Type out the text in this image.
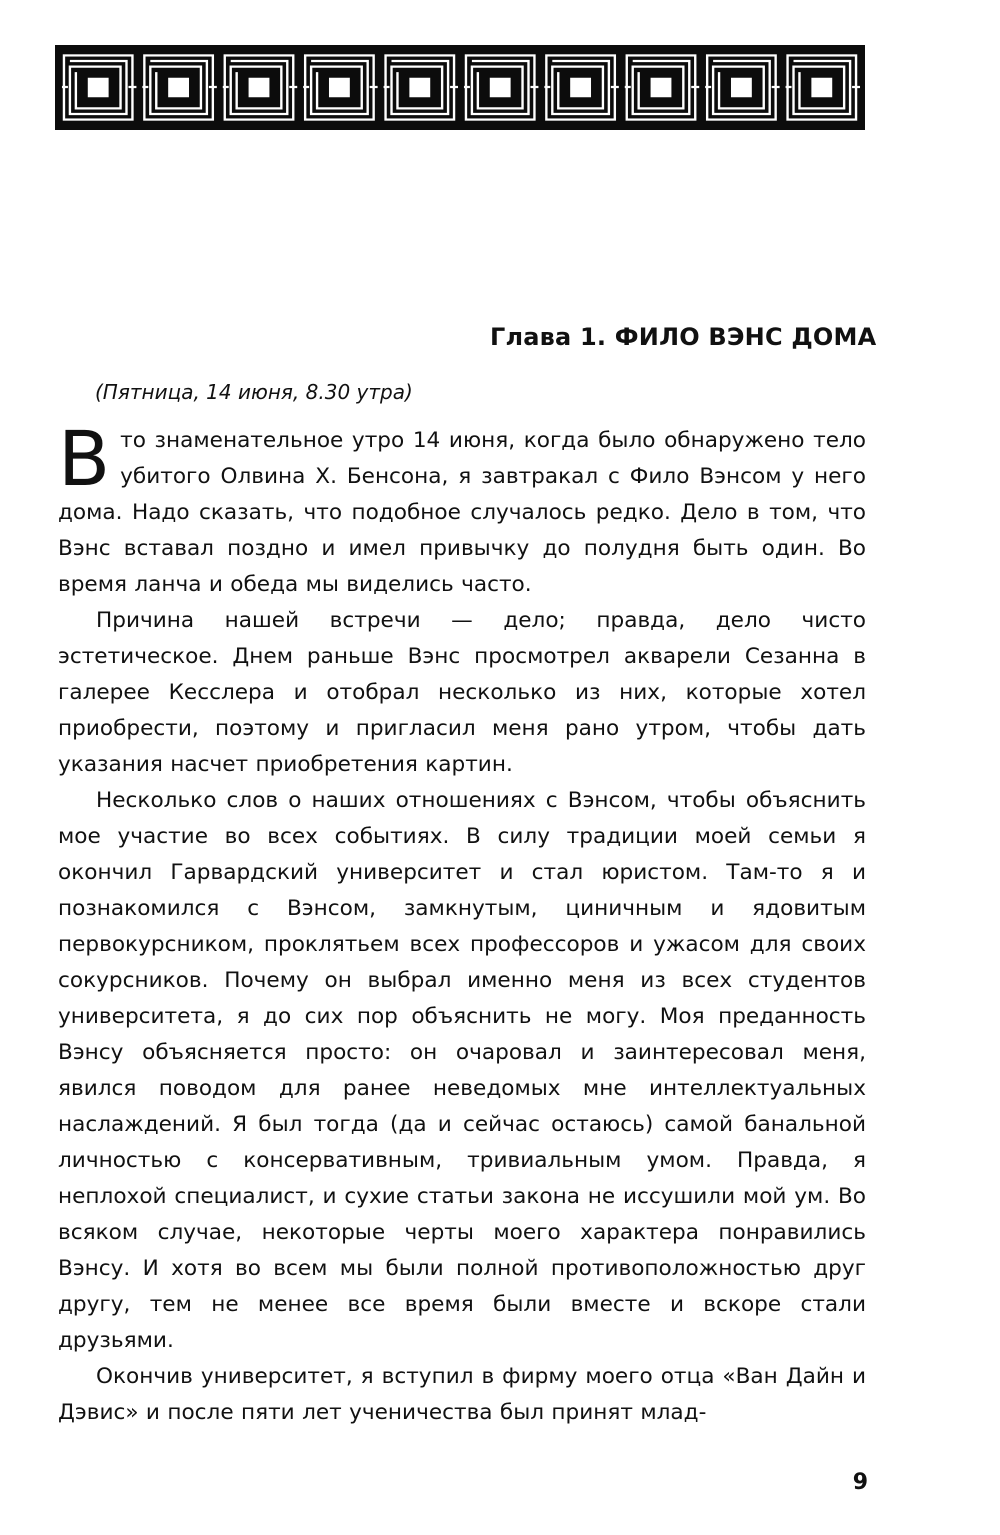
Глава 1. ФИЛО ВЭНС ДОМА
(Пятница, 14 июня, 8.30 утра)

Вто знаменательное утро 14 июня, когда было обнаружено тело убитого Олвина Х. Бенсона, я завтракал с Фило Вэнсом у него дома. Надо сказать, что подобное случалось редко. Дело в том, что Вэнс вставал поздно и имел привычку до полудня быть один. Во время ланча и обеда мы виделись часто.

Причина нашей встречи — дело; правда, дело чисто эстетическое. Днем раньше Вэнс просмотрел акварели Сезанна в галерее Кесслера и отобрал несколько из них, которые хотел приобрести, поэтому и пригласил меня рано утром, чтобы дать указания насчет приобретения картин.

Несколько слов о наших отношениях с Вэнсом, чтобы объяснить мое участие во всех событиях. В силу традиции моей семьи я окончил Гарвардский университет и стал юристом. Там-то я и познакомился с Вэнсом, замкнутым, циничным и ядовитым первокурсником, проклятьем всех профессоров и ужасом для своих сокурсников. Почему он выбрал именно меня из всех студентов университета, я до сих пор объяснить не могу. Моя преданность Вэнсу объясняется просто: он очаровал и заинтересовал меня, явился поводом для ранее неведомых мне интеллектуальных наслаждений. Я был тогда (да и сейчас остаюсь) самой банальной личностью с консервативным, тривиальным умом. Правда, я неплохой специалист, и сухие статьи закона не иссушили мой ум. Во всяком случае, некоторые черты моего характера понравились Вэнсу. И хотя во всем мы были полной противоположностью друг другу, тем не менее все время были вместе и вскоре стали друзьями.

Окончив университет, я вступил в фирму моего отца «Ван Дайн и Дэвис» и после пяти лет ученичества был принят млад-

9
